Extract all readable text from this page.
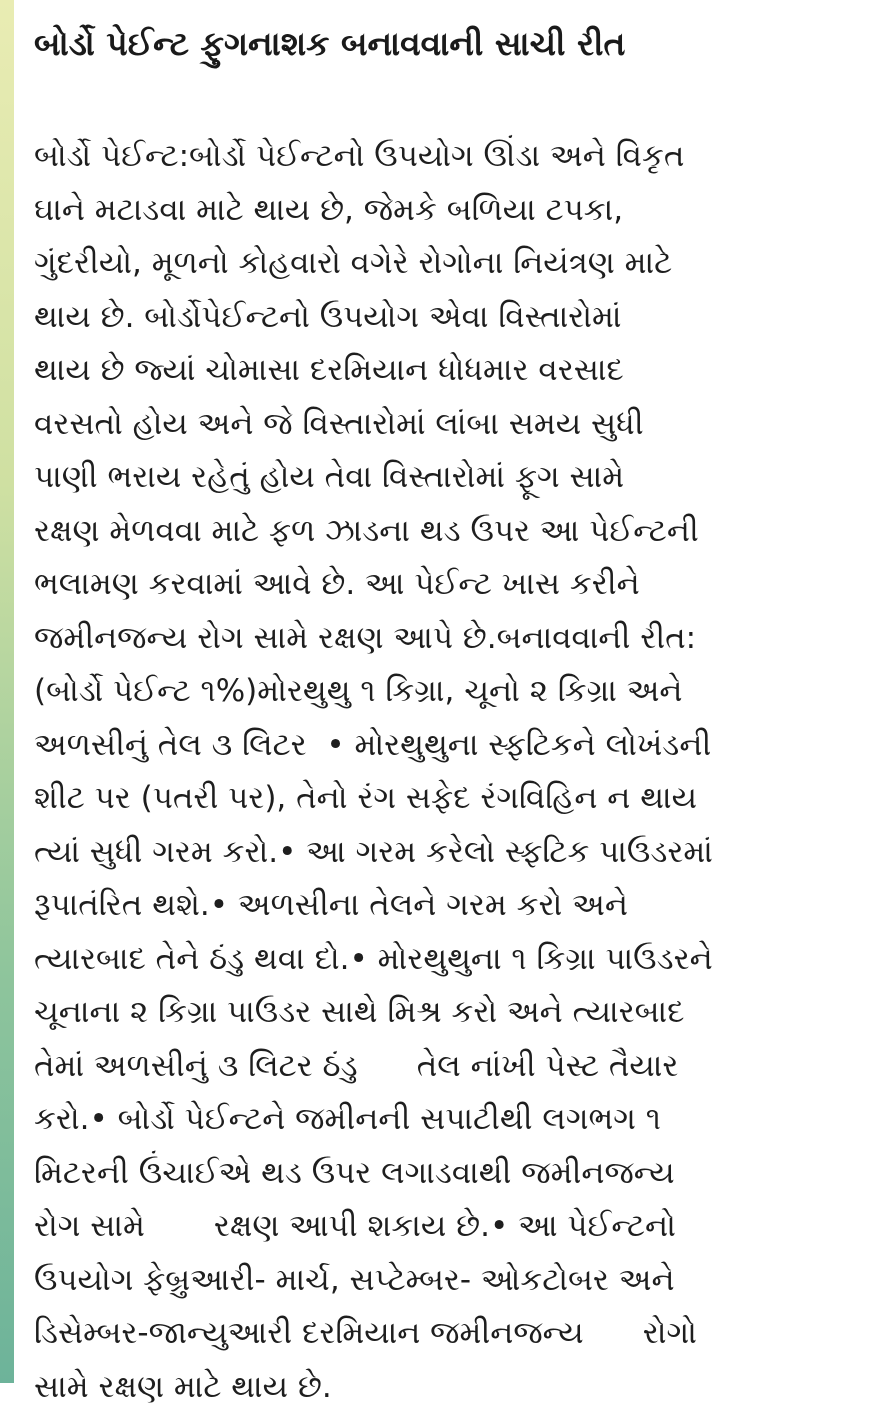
બોર્ડો પેઈન્ટ ફુગનાશક બનાવવાની સાચી રીત
બોર્ડો પેઈન્ટ:બોર્ડો પેઈન્ટનો ઉપયોગ ઊંડા અને વિકૃત
ઘાને મટાડવા માટે થાય છે, જેમકે બળિયા ટપકા,
ગુંદરીયો, મૂળનો કોહવારો વગેરે રોગોના નિયંત્રણ માટે
થાય છે. બોર્ડોપેઈન્ટનો ઉપયોગ એવા વિસ્તારોમાં
થાય છે જ્યાં ચોમાસા દરમિયાન ધોધમાર વરસાદ
વરસતો હોય અને જે વિસ્તારોમાં લાંબા સમય સુધી
પાણી ભરાય રહેતું હોય તેવા વિસ્તારોમાં ફૂગ સામે
રક્ષણ મેળવવા માટે ફળ ઝાડના થડ ઉપર આ પેઈન્ટની
ભલામણ કરવામાં આવે છે. આ પેઈન્ટ ખાસ કરીને
જમીનજન્ય રોગ સામે રક્ષણ આપે છે.બનાવવાની રીત:
(બોર્ડો પેઈન્ટ ૧%)મોરથુથુ ૧ કિગ્રા, ચૂનો ૨ કિગ્રા અને
અળસીનું તેલ ૩ લિટર  • મોરથુથુના સ્ફટિકને લોખંડની
શીટ પર (પતરી પર), તેનો રંગ સફેદ રંગવિહિન ન થાય
ત્યાં સુધી ગરમ કરો.• આ ગરમ કરેલો સ્ફટિક પાઉડરમાં
રૂપાતંરિત થશે.• અળસીના તેલને ગરમ કરો અને
ત્યારબાદ તેને ઠંડુ થવા દો.• મોરથુથુના ૧ કિગ્રા પાઉડરને
ચૂનાના ૨ કિગ્રા પાઉડર સાથે મિશ્ર કરો અને ત્યારબાદ
તેમાં અળસીનું ૩ લિટર ઠંડુ      તેલ નાંખી પેસ્ટ તૈયાર
કરો.• બોર્ડો પેઈન્ટને જમીનની સપાટીથી લગભગ ૧
મિટરની ઉંચાઈએ થડ ઉપર લગાડવાથી જમીનજન્ય
રોગ સામે       રક્ષણ આપી શકાય છે.• આ પેઈન્ટનો
ઉપયોગ ફેબ્રુઆરી- માર્ચ, સપ્ટેમ્બર- ઓકટોબર અને
ડિસેમ્બર-જાન્યુઆરી દરમિયાન જમીનજન્ય      રોગો
સામે રક્ષણ માટે થાય છે.
